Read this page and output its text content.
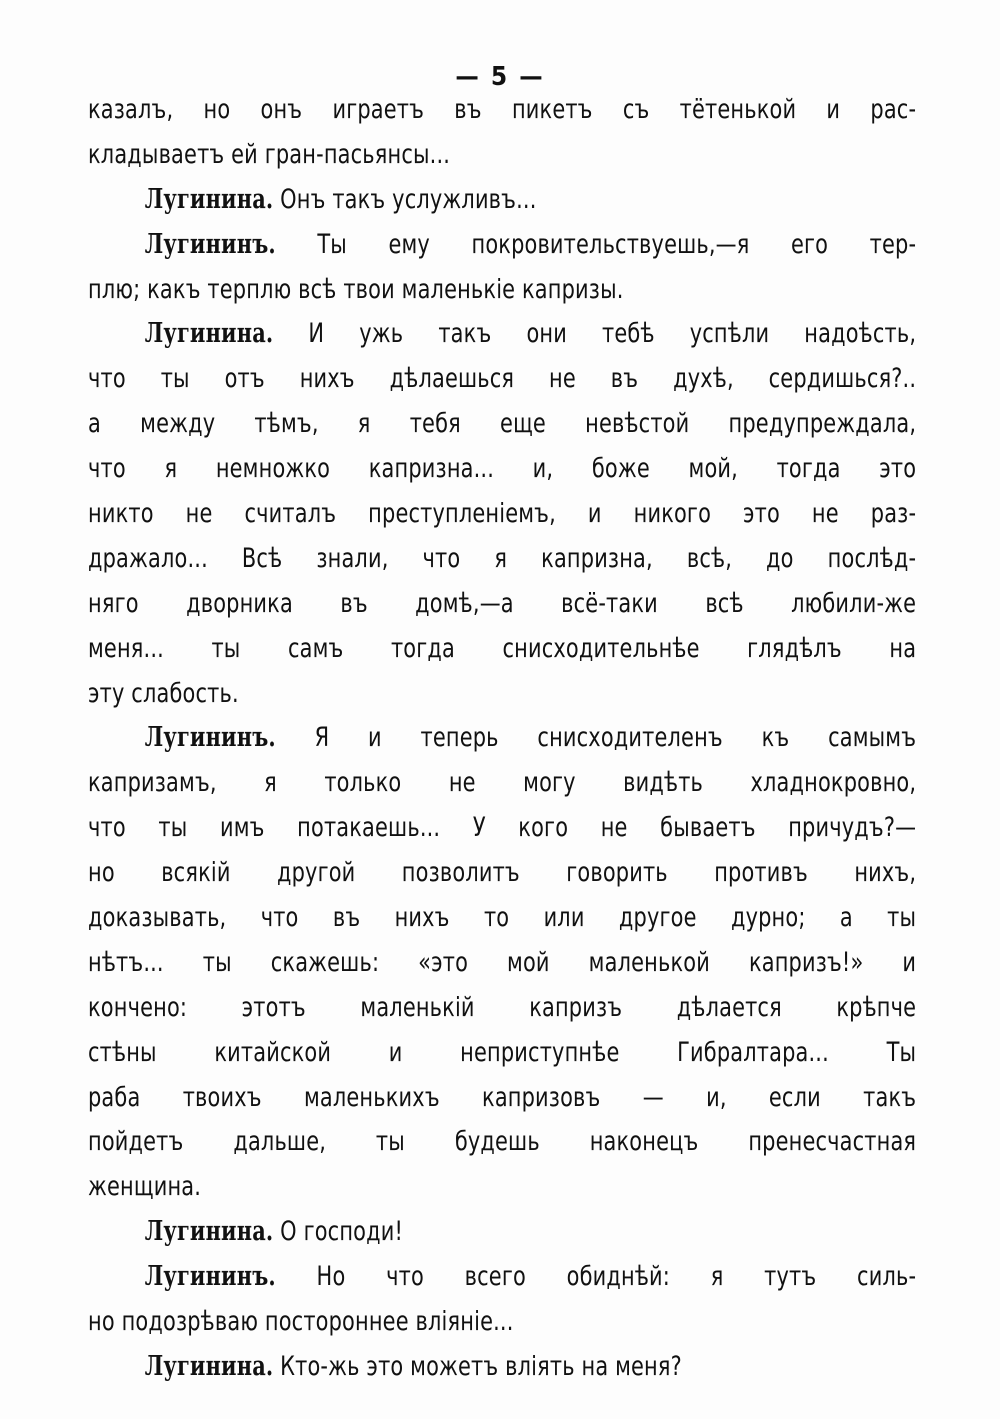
— 5 —
казалъ, но онъ играетъ въ пикетъ съ тётенькой и рас-
кладываетъ ей гран-пасьянсы...
Лугинина. Онъ такъ услужливъ...
Лугининъ. Ты ему покровительствуешь,—я его тер-
плю; какъ терплю всѣ твои маленькіе капризы.
Лугинина. И ужь такъ они тебѣ успѣли надоѣсть,
что ты отъ нихъ дѣлаешься не въ духѣ, сердишься?..
а между тѣмъ, я тебя еще невѣстой предупреждала,
что я немножко капризна... и, боже мой, тогда это
никто не считалъ преступленіемъ, и никого это не раз-
дражало... Всѣ знали, что я капризна, всѣ, до послѣд-
няго дворника въ домѣ,—а всё-таки всѣ любили-же
меня... ты самъ тогда снисходительнѣе глядѣлъ на
эту слабость.
Лугининъ. Я и теперь снисходителенъ къ самымъ
капризамъ, я только не могу видѣть хладнокровно,
что ты имъ потакаешь... У кого не бываетъ причудъ?—
но всякій другой позволитъ говорить противъ нихъ,
доказывать, что въ нихъ то или другое дурно; а ты
нѣтъ... ты скажешь: «это мой маленькой капризъ!» и
кончено: этотъ маленькій капризъ дѣлается крѣпче
стѣны китайской и неприступнѣе Гибралтара... Ты
раба твоихъ маленькихъ капризовъ — и, если такъ
пойдетъ дальше, ты будешь наконецъ пренесчастная
женщина.
Лугинина. О господи!
Лугининъ. Но что всего обиднѣй: я тутъ силь-
но подозрѣваю постороннее вліяніе...
Лугинина. Кто-жь это можетъ вліять на меня?
